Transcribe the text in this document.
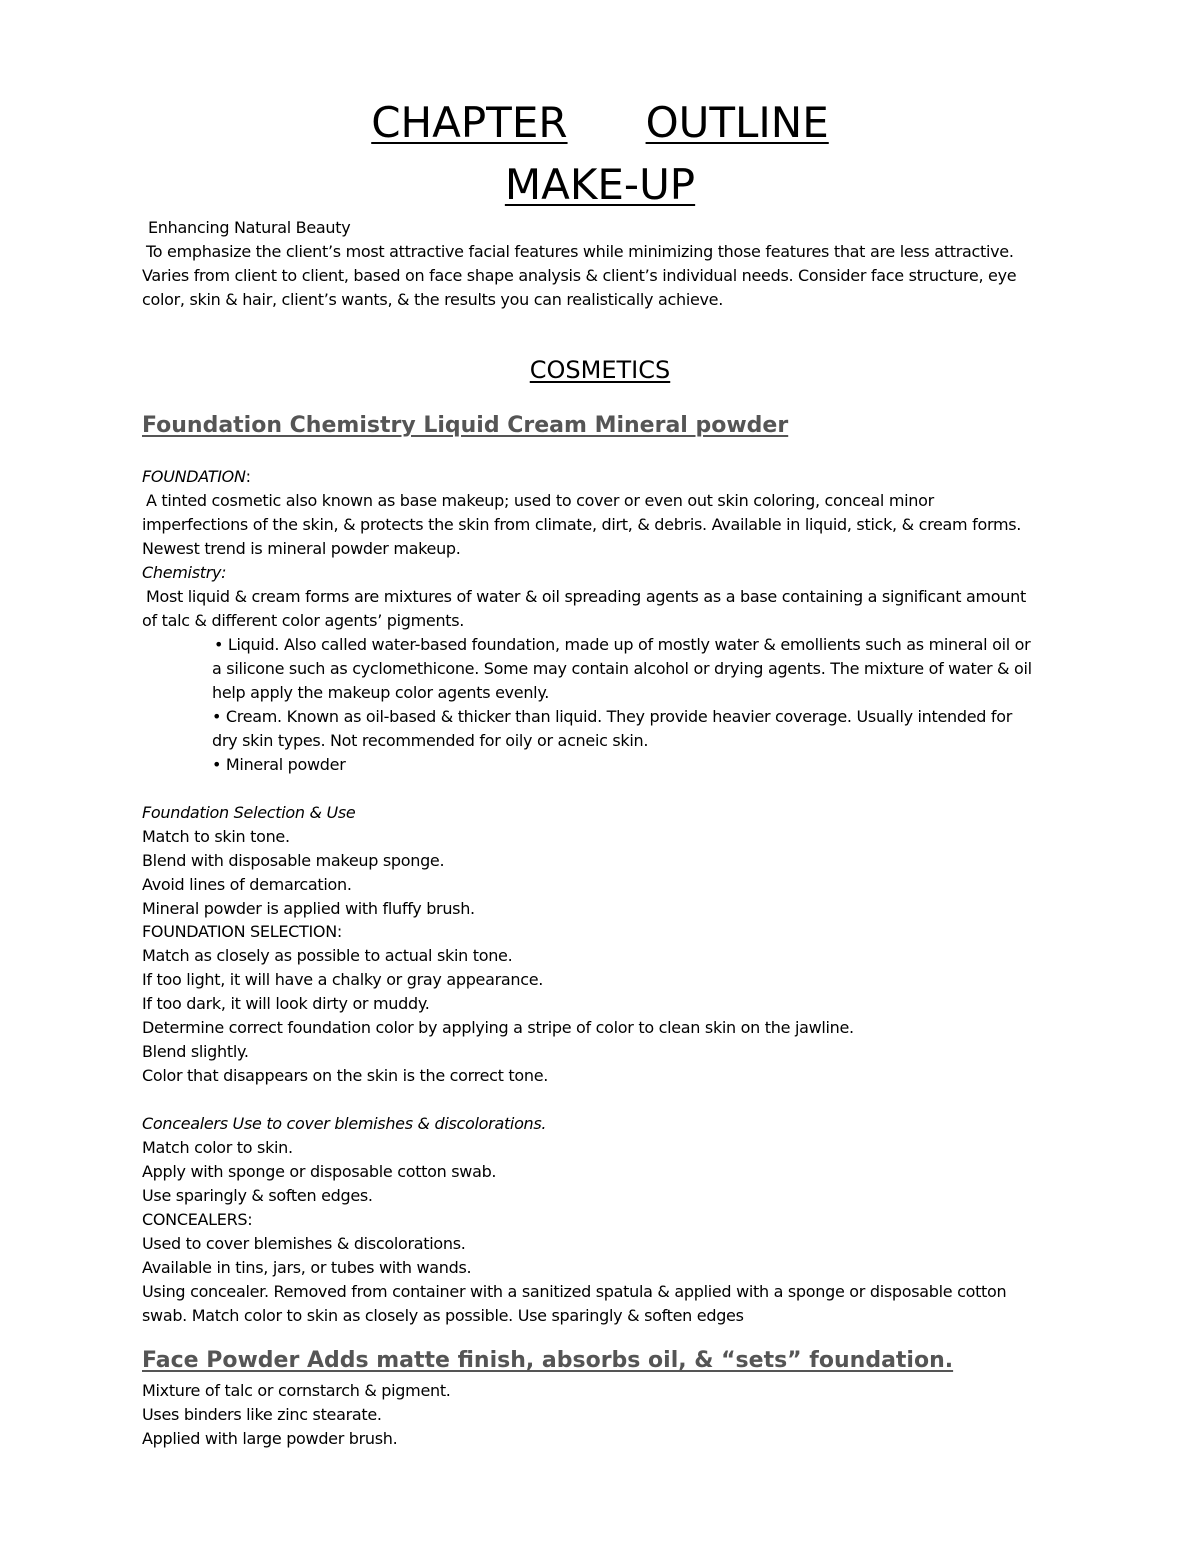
CHAPTER OUTLINE
MAKE-UP
Enhancing Natural Beauty
To emphasize the client’s most attractive facial features while minimizing those features that are less attractive.
Varies from client to client, based on face shape analysis & client’s individual needs. Consider face structure, eye
color, skin & hair, client’s wants, & the results you can realistically achieve.
COSMETICS
Foundation Chemistry Liquid Cream Mineral powder
FOUNDATION:
A tinted cosmetic also known as base makeup; used to cover or even out skin coloring, conceal minor
imperfections of the skin, & protects the skin from climate, dirt, & debris. Available in liquid, stick, & cream forms.
Newest trend is mineral powder makeup.
Chemistry:
Most liquid & cream forms are mixtures of water & oil spreading agents as a base containing a significant amount
of talc & different color agents’ pigments.
• Liquid. Also called water-based foundation, made up of mostly water & emollients such as mineral oil or
a silicone such as cyclomethicone. Some may contain alcohol or drying agents. The mixture of water & oil
help apply the makeup color agents evenly.
• Cream. Known as oil-based & thicker than liquid. They provide heavier coverage. Usually intended for
dry skin types. Not recommended for oily or acneic skin.
• Mineral powder
Foundation Selection & Use
Match to skin tone.
Blend with disposable makeup sponge.
Avoid lines of demarcation.
Mineral powder is applied with fluffy brush.
FOUNDATION SELECTION:
Match as closely as possible to actual skin tone.
If too light, it will have a chalky or gray appearance.
If too dark, it will look dirty or muddy.
Determine correct foundation color by applying a stripe of color to clean skin on the jawline.
Blend slightly.
Color that disappears on the skin is the correct tone.
Concealers Use to cover blemishes & discolorations.
Match color to skin.
Apply with sponge or disposable cotton swab.
Use sparingly & soften edges.
CONCEALERS:
Used to cover blemishes & discolorations.
Available in tins, jars, or tubes with wands.
Using concealer. Removed from container with a sanitized spatula & applied with a sponge or disposable cotton
swab. Match color to skin as closely as possible. Use sparingly & soften edges
Face Powder Adds matte finish, absorbs oil, & “sets” foundation.
Mixture of talc or cornstarch & pigment.
Uses binders like zinc stearate.
Applied with large powder brush.
